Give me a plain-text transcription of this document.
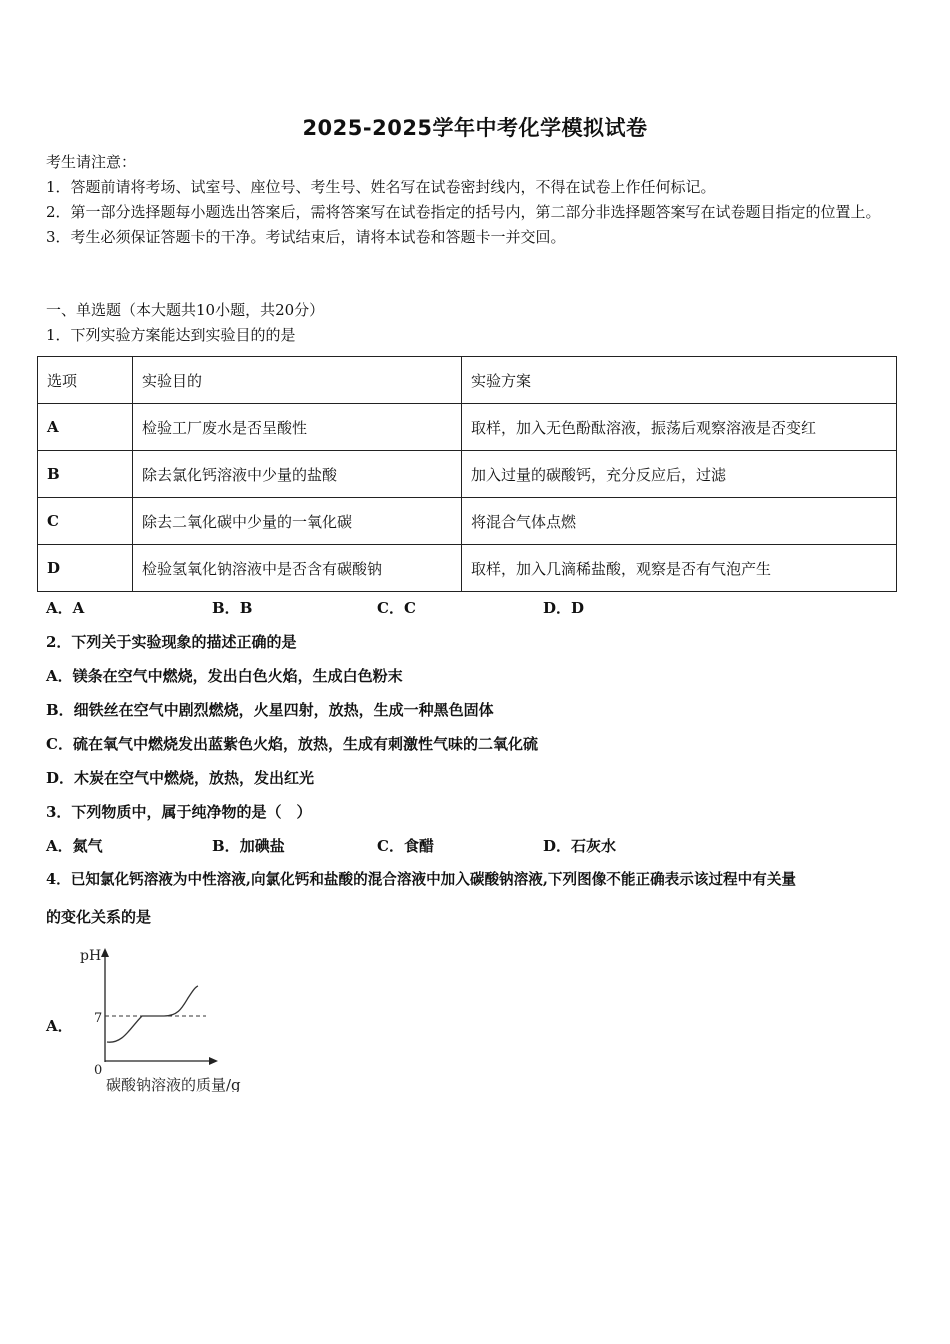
2025-2025学年中考化学模拟试卷
考生请注意：
1．答题前请将考场、试室号、座位号、考生号、姓名写在试卷密封线内，不得在试卷上作任何标记。
2．第一部分选择题每小题选出答案后，需将答案写在试卷指定的括号内，第二部分非选择题答案写在试卷题目指定的位置上。
3．考生必须保证答题卡的干净。考试结束后，请将本试卷和答题卡一并交回。
一、单选题（本大题共10小题，共20分）
1．下列实验方案能达到实验目的的是
选项	实验目的	实验方案
A	检验工厂废水是否呈酸性	取样，加入无色酚酞溶液，振荡后观察溶液是否变红
B	除去氯化钙溶液中少量的盐酸	加入过量的碳酸钙，充分反应后，过滤
C	除去二氧化碳中少量的一氧化碳	将混合气体点燃
D	检验氢氧化钠溶液中是否含有碳酸钠	取样，加入几滴稀盐酸，观察是否有气泡产生
A．A	B．B	C．C	D．D
2．下列关于实验现象的描述正确的是
A．镁条在空气中燃烧，发出白色火焰，生成白色粉末
B．细铁丝在空气中剧烈燃烧，火星四射，放热，生成一种黑色固体
C．硫在氧气中燃烧发出蓝紫色火焰，放热，生成有刺激性气味的二氧化硫
D．木炭在空气中燃烧，放热，发出红光
3．下列物质中，属于纯净物的是（　）
A．氮气	B．加碘盐	C．食醋	D．石灰水
4．已知氯化钙溶液为中性溶液,向氯化钙和盐酸的混合溶液中加入碳酸钠溶液,下列图像不能正确表示该过程中有关量
的变化关系的是
A．
pH
7
0
碳酸钠溶液的质量/g
